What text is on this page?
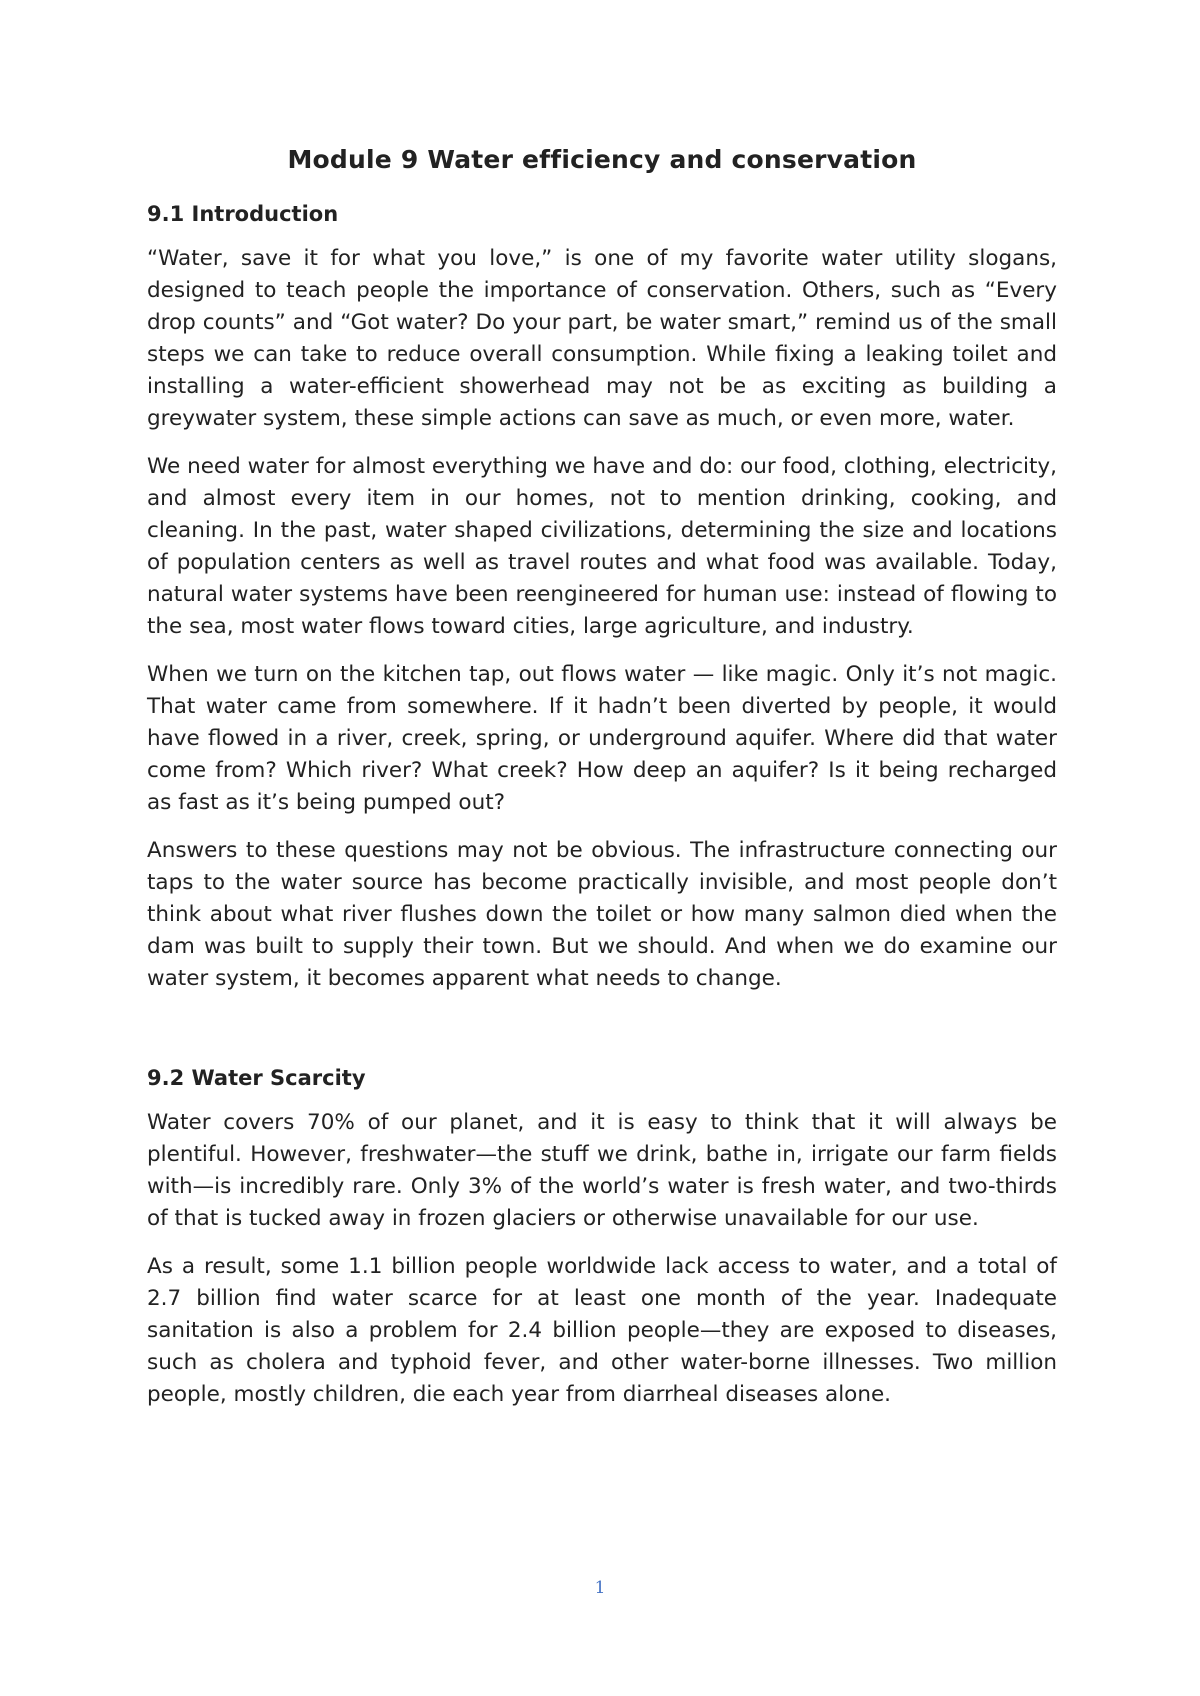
Module 9 Water efficiency and conservation
9.1 Introduction

“Water, save it for what you love,” is one of my favorite water utility slogans, designed to teach people the importance of conservation. Others, such as “Every drop counts” and “Got water? Do your part, be water smart,” remind us of the small steps we can take to reduce overall consumption. While fixing a leaking toilet and installing a water-efficient showerhead may not be as exciting as building a greywater system, these simple actions can save as much, or even more, water.

We need water for almost everything we have and do: our food, clothing, electricity, and almost every item in our homes, not to mention drinking, cooking, and cleaning. In the past, water shaped civilizations, determining the size and locations of population centers as well as travel routes and what food was available. Today, natural water systems have been reengineered for human use: instead of flowing to the sea, most water flows toward cities, large agriculture, and industry.

When we turn on the kitchen tap, out flows water — like magic. Only it’s not magic. That water came from somewhere. If it hadn’t been diverted by people, it would have flowed in a river, creek, spring, or underground aquifer. Where did that water come from? Which river? What creek? How deep an aquifer? Is it being recharged as fast as it’s being pumped out?

Answers to these questions may not be obvious. The infrastructure connecting our taps to the water source has become practically invisible, and most people don’t think about what river flushes down the toilet or how many salmon died when the dam was built to supply their town. But we should. And when we do examine our water system, it becomes apparent what needs to change.

9.2 Water Scarcity

Water covers 70% of our planet, and it is easy to think that it will always be plentiful. However, freshwater—the stuff we drink, bathe in, irrigate our farm fields with—is incredibly rare. Only 3% of the world’s water is fresh water, and two-thirds of that is tucked away in frozen glaciers or otherwise unavailable for our use.

As a result, some 1.1 billion people worldwide lack access to water, and a total of 2.7 billion find water scarce for at least one month of the year. Inadequate sanitation is also a problem for 2.4 billion people—they are exposed to diseases, such as cholera and typhoid fever, and other water-borne illnesses. Two million people, mostly children, die each year from diarrheal diseases alone.

1
